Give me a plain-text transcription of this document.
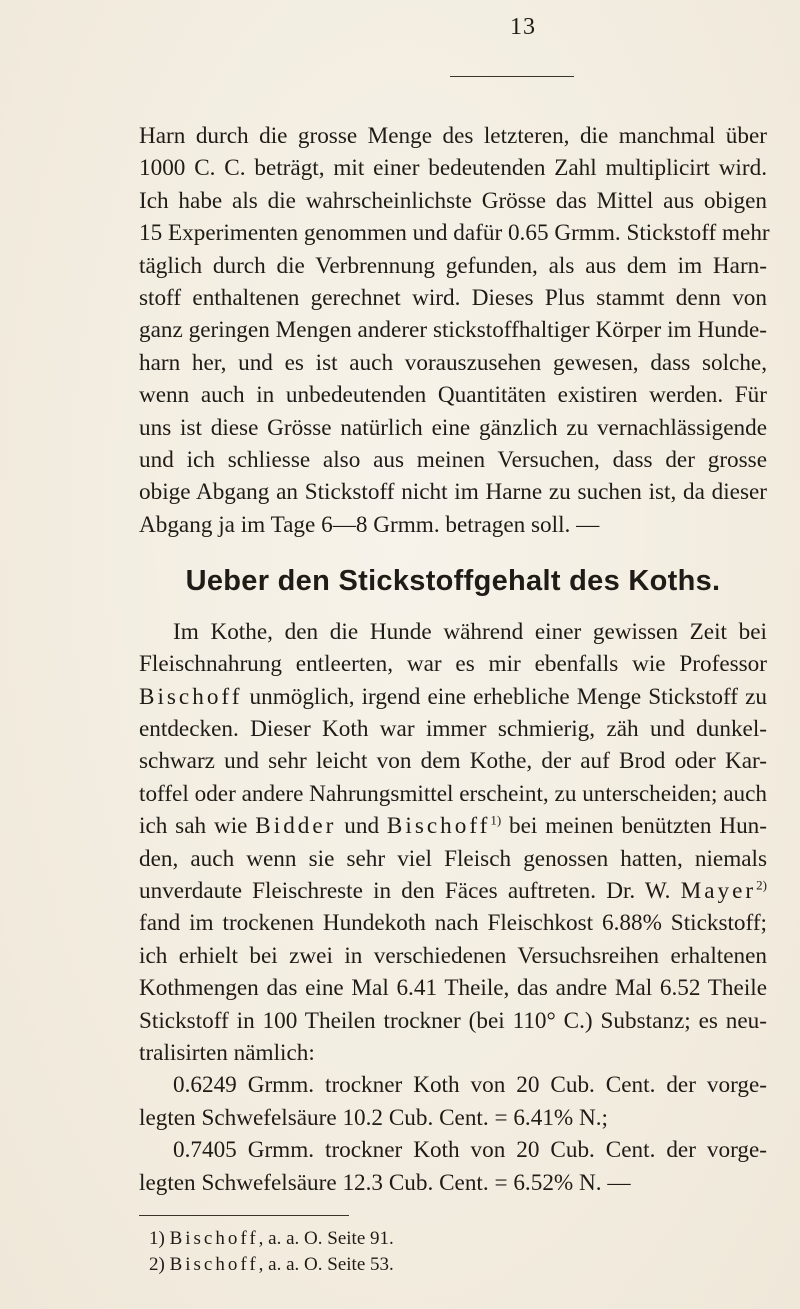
13

Harn durch die grosse Menge des letzteren, die manchmal über
1000 C. C. beträgt, mit einer bedeutenden Zahl multiplicirt wird.
Ich habe als die wahrscheinlichste Grösse das Mittel aus obigen
15 Experimenten genommen und dafür 0.65 Grmm. Stickstoff mehr
täglich durch die Verbrennung gefunden, als aus dem im Harn-
stoff enthaltenen gerechnet wird. Dieses Plus stammt denn von
ganz geringen Mengen anderer stickstoffhaltiger Körper im Hunde-
harn her, und es ist auch vorauszusehen gewesen, dass solche,
wenn auch in unbedeutenden Quantitäten existiren werden. Für
uns ist diese Grösse natürlich eine gänzlich zu vernachlässigende
und ich schliesse also aus meinen Versuchen, dass der grosse
obige Abgang an Stickstoff nicht im Harne zu suchen ist, da dieser
Abgang ja im Tage 6—8 Grmm. betragen soll. —

Ueber den Stickstoffgehalt des Koths.

Im Kothe, den die Hunde während einer gewissen Zeit bei
Fleischnahrung entleerten, war es mir ebenfalls wie Professor
Bischoff unmöglich, irgend eine erhebliche Menge Stickstoff zu
entdecken. Dieser Koth war immer schmierig, zäh und dunkel-
schwarz und sehr leicht von dem Kothe, der auf Brod oder Kar-
toffel oder andere Nahrungsmittel erscheint, zu unterscheiden; auch
ich sah wie Bidder und Bischoff$^{1)}$ bei meinen benützten Hun-
den, auch wenn sie sehr viel Fleisch genossen hatten, niemals
unverdaute Fleischreste in den Fäces auftreten. Dr. W. Mayer$^{2)}$
fand im trockenen Hundekoth nach Fleischkost 6.88% Stickstoff;
ich erhielt bei zwei in verschiedenen Versuchsreihen erhaltenen
Kothmengen das eine Mal 6.41 Theile, das andre Mal 6.52 Theile
Stickstoff in 100 Theilen trockner (bei 110° C.) Substanz; es neu-
tralisirten nämlich:
0.6249 Grmm. trockner Koth von 20 Cub. Cent. der vorge-
legten Schwefelsäure 10.2 Cub. Cent. = 6.41% N.;
0.7405 Grmm. trockner Koth von 20 Cub. Cent. der vorge-
legten Schwefelsäure 12.3 Cub. Cent. = 6.52% N. —

1) Bischoff, a. a. O. Seite 91.
2) Bischoff, a. a. O. Seite 53.
